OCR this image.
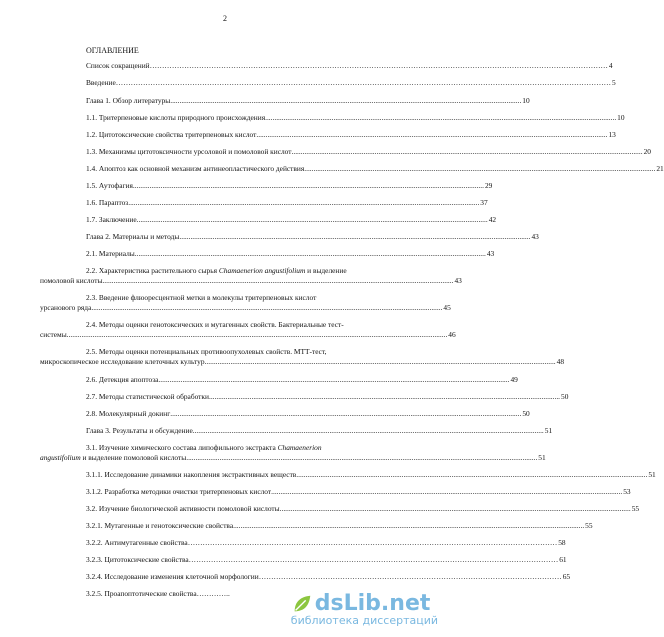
2
ОГЛАВЛЕНИЕ
Список сокращений …………………………………………………………………………………………………………………………………………………………………… 4
Введение ………………………………………………………………………………………………………………………………………………………………………………… 5
Глава 1. Обзор литературы .............................................................................................................................................................................................. 10
1.1. Тритерпеновые кислоты природного происхождения .............................................................................................................................................................................................. 10
1.2. Цитотоксические свойства тритерпеновых кислот .............................................................................................................................................................................................. 13
1.3. Механизмы цитотоксичности урсоловой и помоловой кислот .............................................................................................................................................................................................. 20
1.4. Апоптоз как основной механизм антинеопластического действия .............................................................................................................................................................................................. 21
1.5. Аутофагия .............................................................................................................................................................................................. 29
1.6. Парaптоз .............................................................................................................................................................................................. 37
1.7. Заключение .............................................................................................................................................................................................. 42
Глава 2. Материалы и методы .............................................................................................................................................................................................. 43
2.1. Материалы .............................................................................................................................................................................................. 43
2.2. Характеристика растительного сырья Chamaenerion angustifolium и выделение
помоловой кислоты .............................................................................................................................................................................................. 43
2.3. Введение флюоресцентной метки в молекулы тритерпеновых кислот
урсанового ряда .............................................................................................................................................................................................. 45
2.4. Методы оценки генотоксических и мутагенных свойств. Бактериальные тест-
системы .............................................................................................................................................................................................................. 46
2.5. Методы оценки потенциальных противоопухолевых свойств. МТТ-тест,
микроскопическое исследование клеточных культур .............................................................................................................................................................................................. 48
2.6. Детекция апоптоза .............................................................................................................................................................................................. 49
2.7. Методы статистической обработки .............................................................................................................................................................................................. 50
2.8. Молекулярный докинг .............................................................................................................................................................................................. 50
Глава 3. Результаты и обсуждение .............................................................................................................................................................................................. 51
3.1. Изучение химического состава липофильного экстракта Chamaenerion
angustifolium и выделение помоловой кислоты .............................................................................................................................................................................................. 51
3.1.1. Исследование динамики накопления экстрактивных веществ .............................................................................................................................................................................................. 51
3.1.2. Разработка методики очистки тритерпеновых кислот .............................................................................................................................................................................................. 53
3.2. Изучение биологической активности помоловой кислоты .............................................................................................................................................................................................. 55
3.2.1. Мутагенные и генотоксические свойства .............................................................................................................................................................................................. 55
3.2.2. Антимутагенные свойства …………………………………………………………………………………………………………………………………… 58
3.2.3. Цитотоксические свойства …………………………………………………………………………………………………………………………………… 61
3.2.4. Исследование изменения клеточной морфологии …………………………………………………………………………………………………………… 65
3.2.5. Проапоптотические свойства…………..	dsLib.net
библиотека диссертаций
